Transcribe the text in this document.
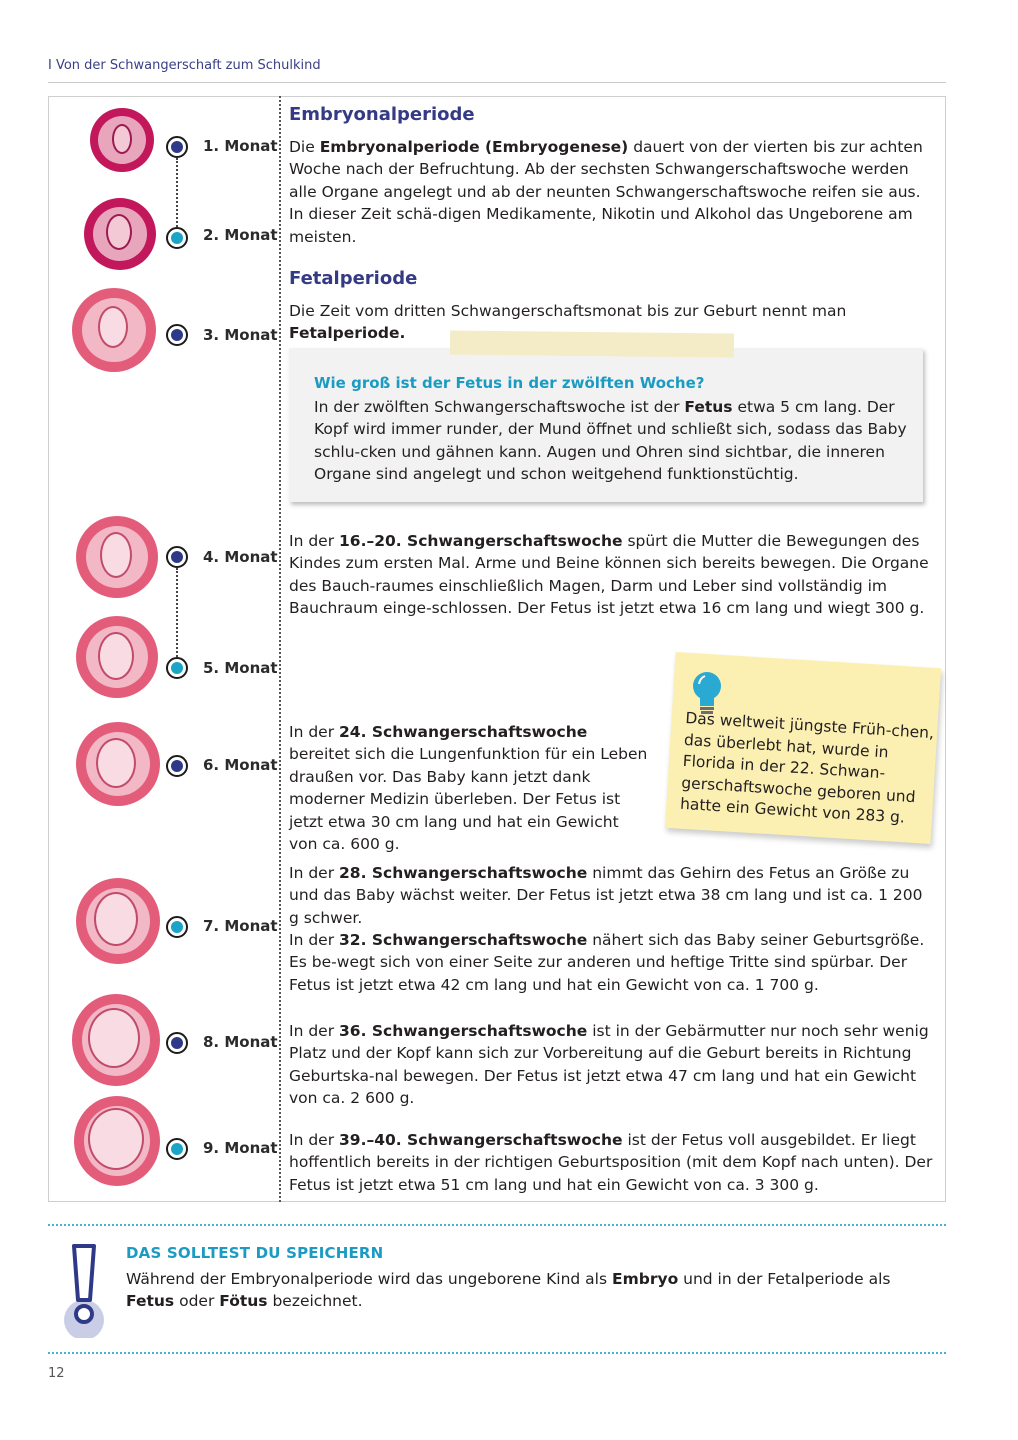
I Von der Schwangerschaft zum Schulkind
1. Monat
2. Monat
3. Monat
4. Monat
5. Monat
6. Monat
7. Monat
8. Monat
9. Monat
Embryonalperiode
Die Embryonalperiode (Embryogenese) dauert von der vierten bis zur achten Woche nach der Befruchtung. Ab der sechsten Schwangerschaftswoche werden alle Organe angelegt und ab der neunten Schwangerschaftswoche reifen sie aus. In dieser Zeit schä-digen Medikamente, Nikotin und Alkohol das Ungeborene am meisten.
Fetalperiode
Die Zeit vom dritten Schwangerschaftsmonat bis zur Geburt nennt man Fetalperiode.
Wie groß ist der Fetus in der zwölften Woche?
In der zwölften Schwangerschaftswoche ist der Fetus etwa 5 cm lang. Der Kopf wird immer runder, der Mund öffnet und schließt sich, sodass das Baby schlu-cken und gähnen kann. Augen und Ohren sind sichtbar, die inneren Organe sind angelegt und schon weitgehend funktionstüchtig.
In der 16.–20. Schwangerschaftswoche spürt die Mutter die Bewegungen des Kindes zum ersten Mal. Arme und Beine können sich bereits bewegen. Die Organe des Bauch-raumes einschließlich Magen, Darm und Leber sind vollständig im Bauchraum einge-schlossen. Der Fetus ist jetzt etwa 16 cm lang und wiegt 300 g.
In der 24. Schwangerschaftswoche bereitet sich die Lungenfunktion für ein Leben draußen vor. Das Baby kann jetzt dank moderner Medizin überleben. Der Fetus ist jetzt etwa 30 cm lang und hat ein Gewicht von ca. 600 g.
Das weltweit jüngste Früh-chen, das überlebt hat, wurde in Florida in der 22. Schwan-gerschaftswoche geboren und hatte ein Gewicht von 283 g.
In der 28. Schwangerschaftswoche nimmt das Gehirn des Fetus an Größe zu und das Baby wächst weiter. Der Fetus ist jetzt etwa 38 cm lang und ist ca. 1 200 g schwer.
In der 32. Schwangerschaftswoche nähert sich das Baby seiner Geburtsgröße. Es be-wegt sich von einer Seite zur anderen und heftige Tritte sind spürbar. Der Fetus ist jetzt etwa 42 cm lang und hat ein Gewicht von ca. 1 700 g.
In der 36. Schwangerschaftswoche ist in der Gebärmutter nur noch sehr wenig Platz und der Kopf kann sich zur Vorbereitung auf die Geburt bereits in Richtung Geburtska-nal bewegen. Der Fetus ist jetzt etwa 47 cm lang und hat ein Gewicht von ca. 2 600 g.
In der 39.–40. Schwangerschaftswoche ist der Fetus voll ausgebildet. Er liegt hoffentlich bereits in der richtigen Geburtsposition (mit dem Kopf nach unten). Der Fetus ist jetzt etwa 51 cm lang und hat ein Gewicht von ca. 3 300 g.
DAS SOLLTEST DU SPEICHERN
Während der Embryonalperiode wird das ungeborene Kind als Embryo und in der Fetalperiode als Fetus oder Fötus bezeichnet.
12
